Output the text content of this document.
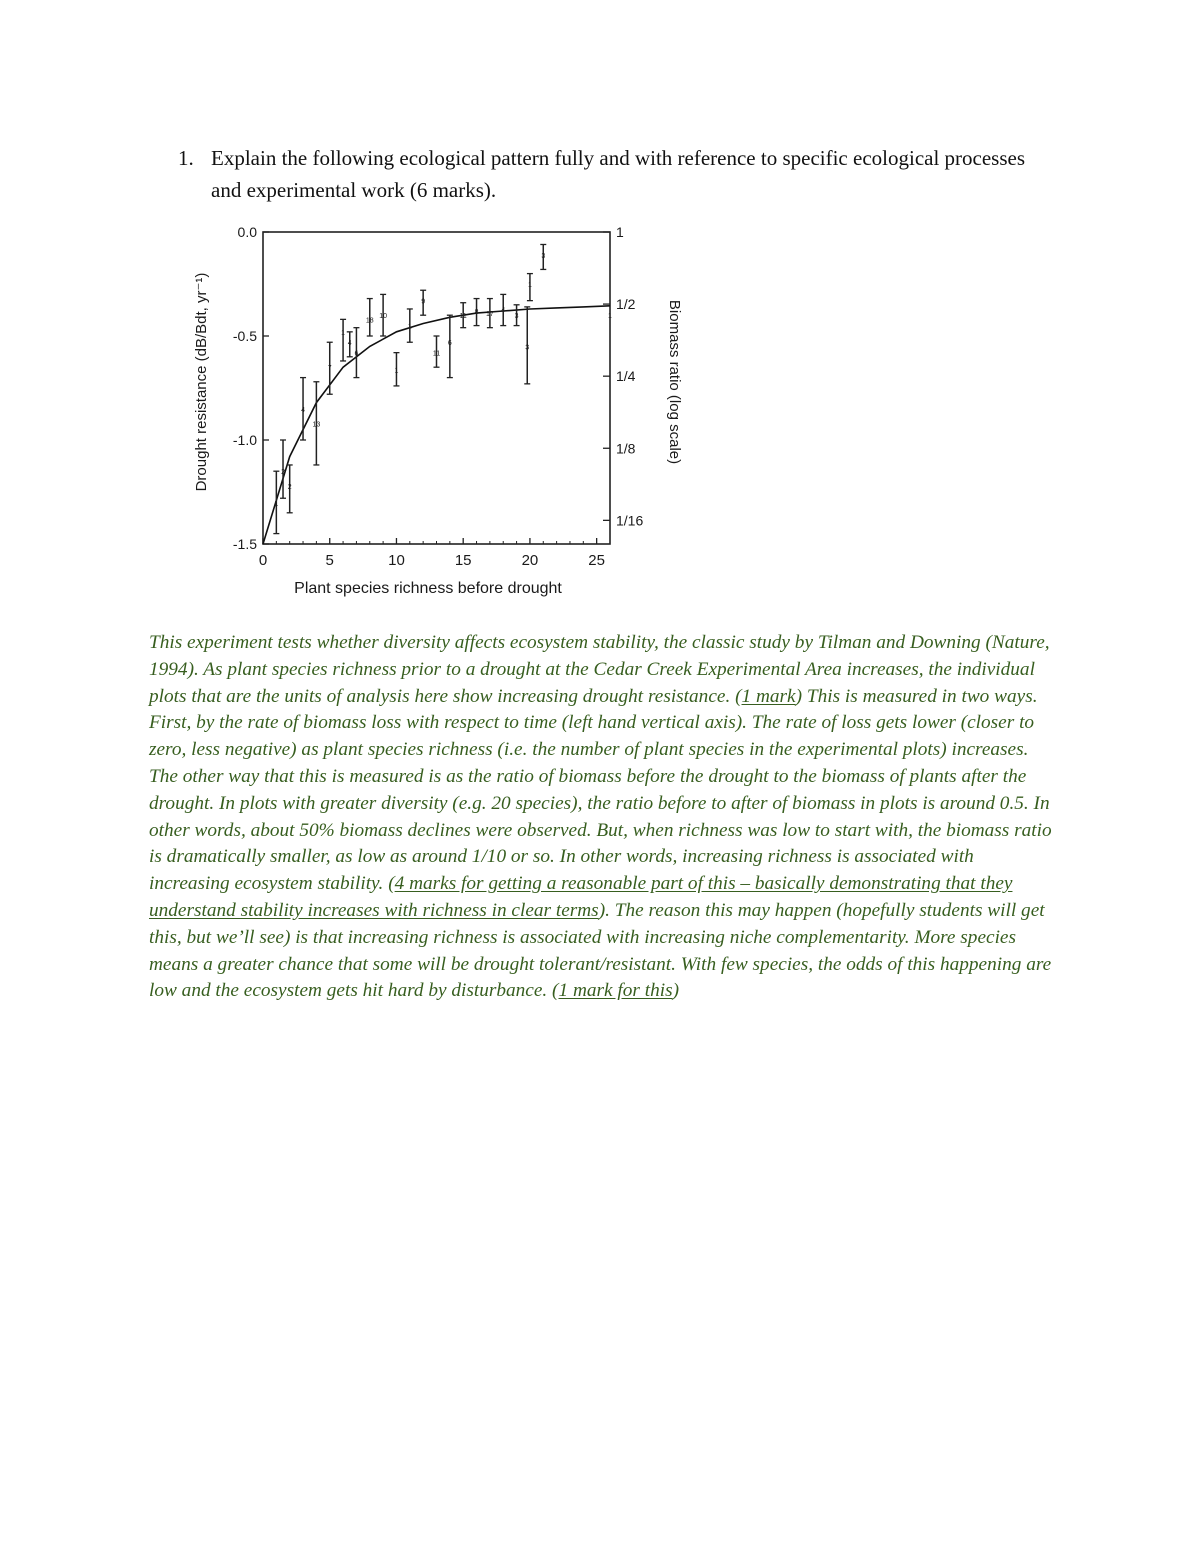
1. Explain the following ecological pattern fully and with reference to specific ecological processes and experimental work (6 marks).
Drought resistance (dB/Bdt, yr⁻¹)	Biomass ratio (log scale)
Plant species richness before drought
0	5	10	15	20	25
0.0
-0.5
-1.0
-1.5
1
1/2
1/4
1/8
1/16
1
2
2
4
13
7
1
4
6
18
10
1
1
9
11
6
11
8 17
4
3
3
1
3
1
This experiment tests whether diversity affects ecosystem stability, the classic study by Tilman and Downing (Nature, 1994). As plant species richness prior to a drought at the Cedar Creek Experimental Area increases, the individual plots that are the units of analysis here show increasing drought resistance. (1 mark) This is measured in two ways. First, by the rate of biomass loss with respect to time (left hand vertical axis). The rate of loss gets lower (closer to zero, less negative) as plant species richness (i.e. the number of plant species in the experimental plots) increases. The other way that this is measured is as the ratio of biomass before the drought to the biomass of plants after the drought. In plots with greater diversity (e.g. 20 species), the ratio before to after of biomass in plots is around 0.5. In other words, about 50% biomass declines were observed. But, when richness was low to start with, the biomass ratio is dramatically smaller, as low as around 1/10 or so. In other words, increasing richness is associated with increasing ecosystem stability. (4 marks for getting a reasonable part of this – basically demonstrating that they understand stability increases with richness in clear terms). The reason this may happen (hopefully students will get this, but we’ll see) is that increasing richness is associated with increasing niche complementarity. More species means a greater chance that some will be drought tolerant/resistant. With few species, the odds of this happening are low and the ecosystem gets hit hard by disturbance. (1 mark for this)
